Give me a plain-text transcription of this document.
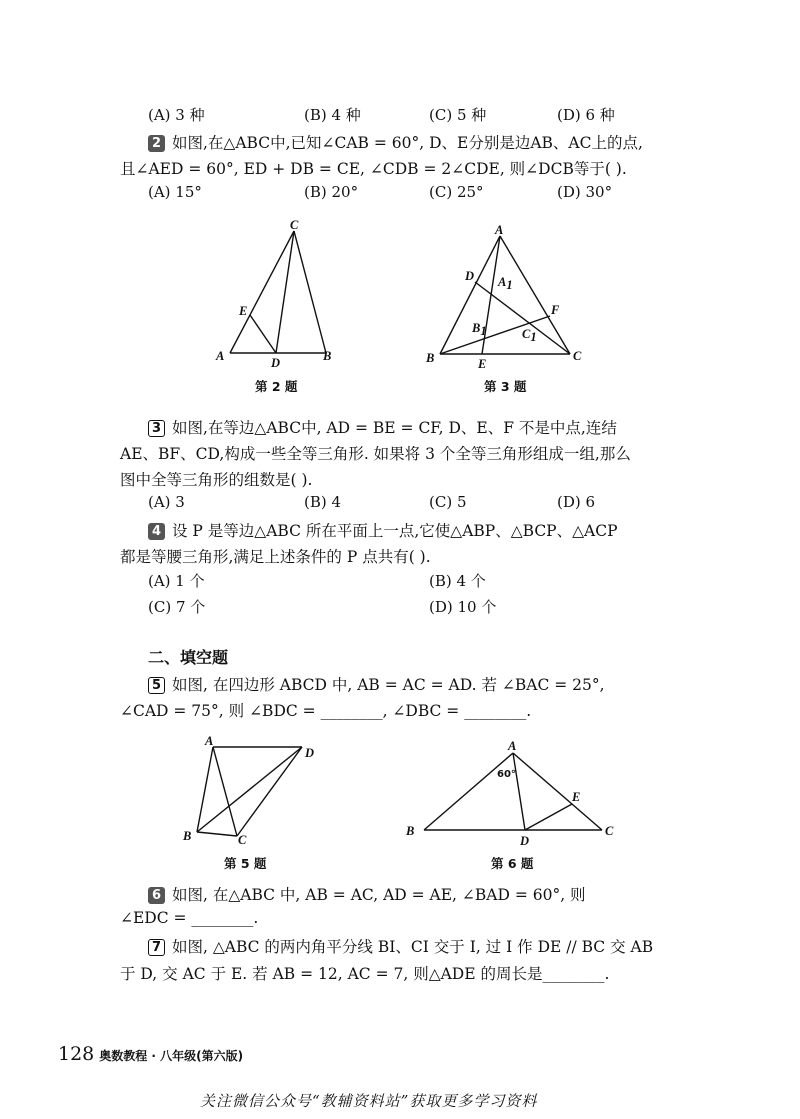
(A) 3 种	(B) 4 种	(C) 5 种	(D) 6 种
2 如图,在△ABC中,已知∠CAB = 60°, D、E分别是边AB、AC上的点,
且∠AED = 60°, ED + DB = CE, ∠CDB = 2∠CDE, 则∠DCB等于( ).
(A) 15°	(B) 20°	(C) 25°	(D) 30°
A	B
C
D
E
第 2 题
A
B	C
D
E
F
A1
B1	C1
第 3 题
3 如图,在等边△ABC中, AD = BE = CF, D、E、F 不是中点,连结
AE、BF、CD,构成一些全等三角形. 如果将 3 个全等三角形组成一组,那么
图中全等三角形的组数是( ).
(A) 3	(B) 4	(C) 5	(D) 6
4 设 P 是等边△ABC 所在平面上一点,它使△ABP、△BCP、△ACP
都是等腰三角形,满足上述条件的 P 点共有( ).
(A) 1 个	(B) 4 个
(C) 7 个	(D) 10 个
二、填空题
5 如图, 在四边形 ABCD 中, AB = AC = AD. 若 ∠BAC = 25°,
∠CAD = 75°, 则 ∠BDC = ________, ∠DBC = ________.
A
B	C
D
第 5 题
A
B	C
D
E
60°
第 6 题
6 如图, 在△ABC 中, AB = AC, AD = AE, ∠BAD = 60°, 则
∠EDC = ________.
7 如图, △ABC 的两内角平分线 BI、CI 交于 I, 过 I 作 DE // BC 交 AB
于 D, 交 AC 于 E. 若 AB = 12, AC = 7, 则△ADE 的周长是________.
128 奥数教程 · 八年级(第六版)
关注微信公众号“教辅资料站”获取更多学习资料
